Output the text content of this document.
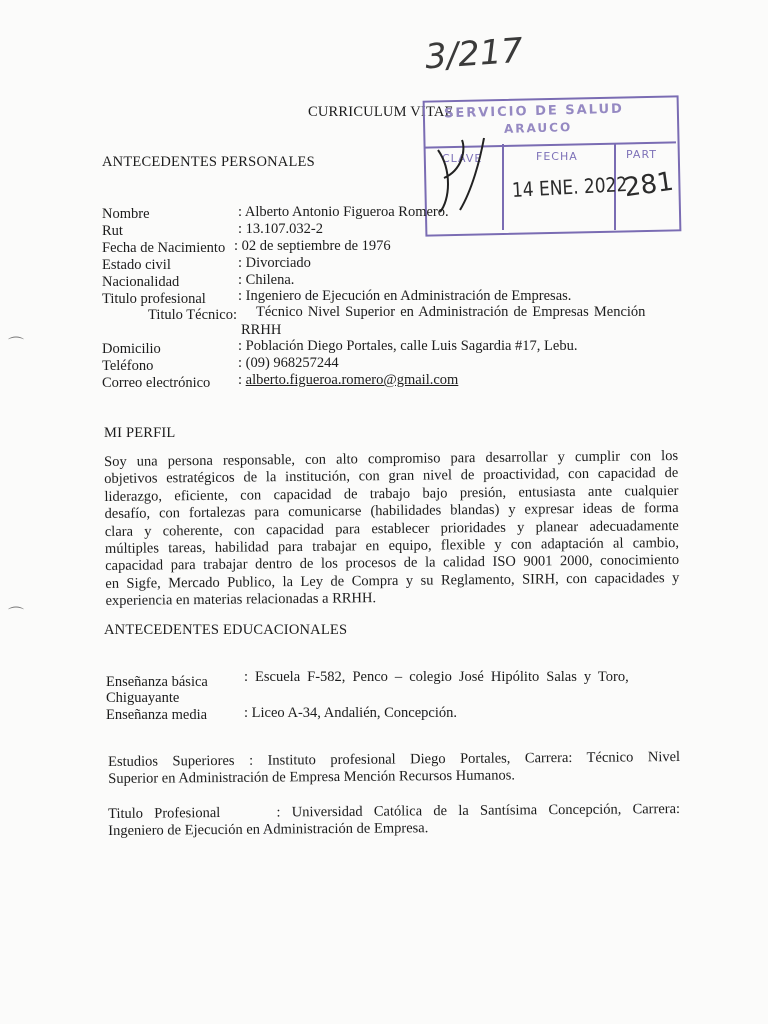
3/217
⌒
⌒
CURRICULUM VITAE
SERVICIO DE SALUD
ARAUCO
CLAVE	FECHA	PART
14 ENE. 2022
281
ANTECEDENTES PERSONALES
Nombre	: Alberto Antonio Figueroa Romero.
Rut	: 13.107.032-2
Fecha de Nacimiento : 02 de septiembre de 1976
Estado civil	: Divorciado
Nacionalidad	: Chilena.
Titulo profesional : Ingeniero de Ejecución en Administración de Empresas.
Titulo Técnico: Técnico Nivel Superior en Administración de Empresas Mención
RRHH
Domicilio	: Población Diego Portales, calle Luis Sagardia #17, Lebu.
Teléfono	: (09) 968257244
Correo electrónico : alberto.figueroa.romero@gmail.com
MI PERFIL
Soy una persona responsable, con alto compromiso para desarrollar y cumplir con los
objetivos estratégicos de la institución, con gran nivel de proactividad, con capacidad de
liderazgo, eficiente, con capacidad de trabajo bajo presión, entusiasta ante cualquier
desafío, con fortalezas para comunicarse (habilidades blandas) y expresar ideas de forma
clara y coherente, con capacidad para establecer prioridades y planear adecuadamente
múltiples tareas, habilidad para trabajar en equipo, flexible y con adaptación al cambio,
capacidad para trabajar dentro de los procesos de la calidad ISO 9001 2000, conocimiento
en Sigfe, Mercado Publico, la Ley de Compra y su Reglamento, SIRH, con capacidades y
experiencia en materias relacionadas a RRHH.
ANTECEDENTES EDUCACIONALES
Enseñanza básica : Escuela F-582, Penco – colegio José Hipólito Salas y Toro,
Chiguayante
Enseñanza media	: Liceo A-34, Andalién, Concepción.
Estudios Superiores : Instituto profesional Diego Portales, Carrera: Técnico Nivel
Superior en Administración de Empresa Mención Recursos Humanos.
Titulo Profesional     : Universidad Católica de la Santísima Concepción, Carrera:
Ingeniero de Ejecución en Administración de Empresa.
